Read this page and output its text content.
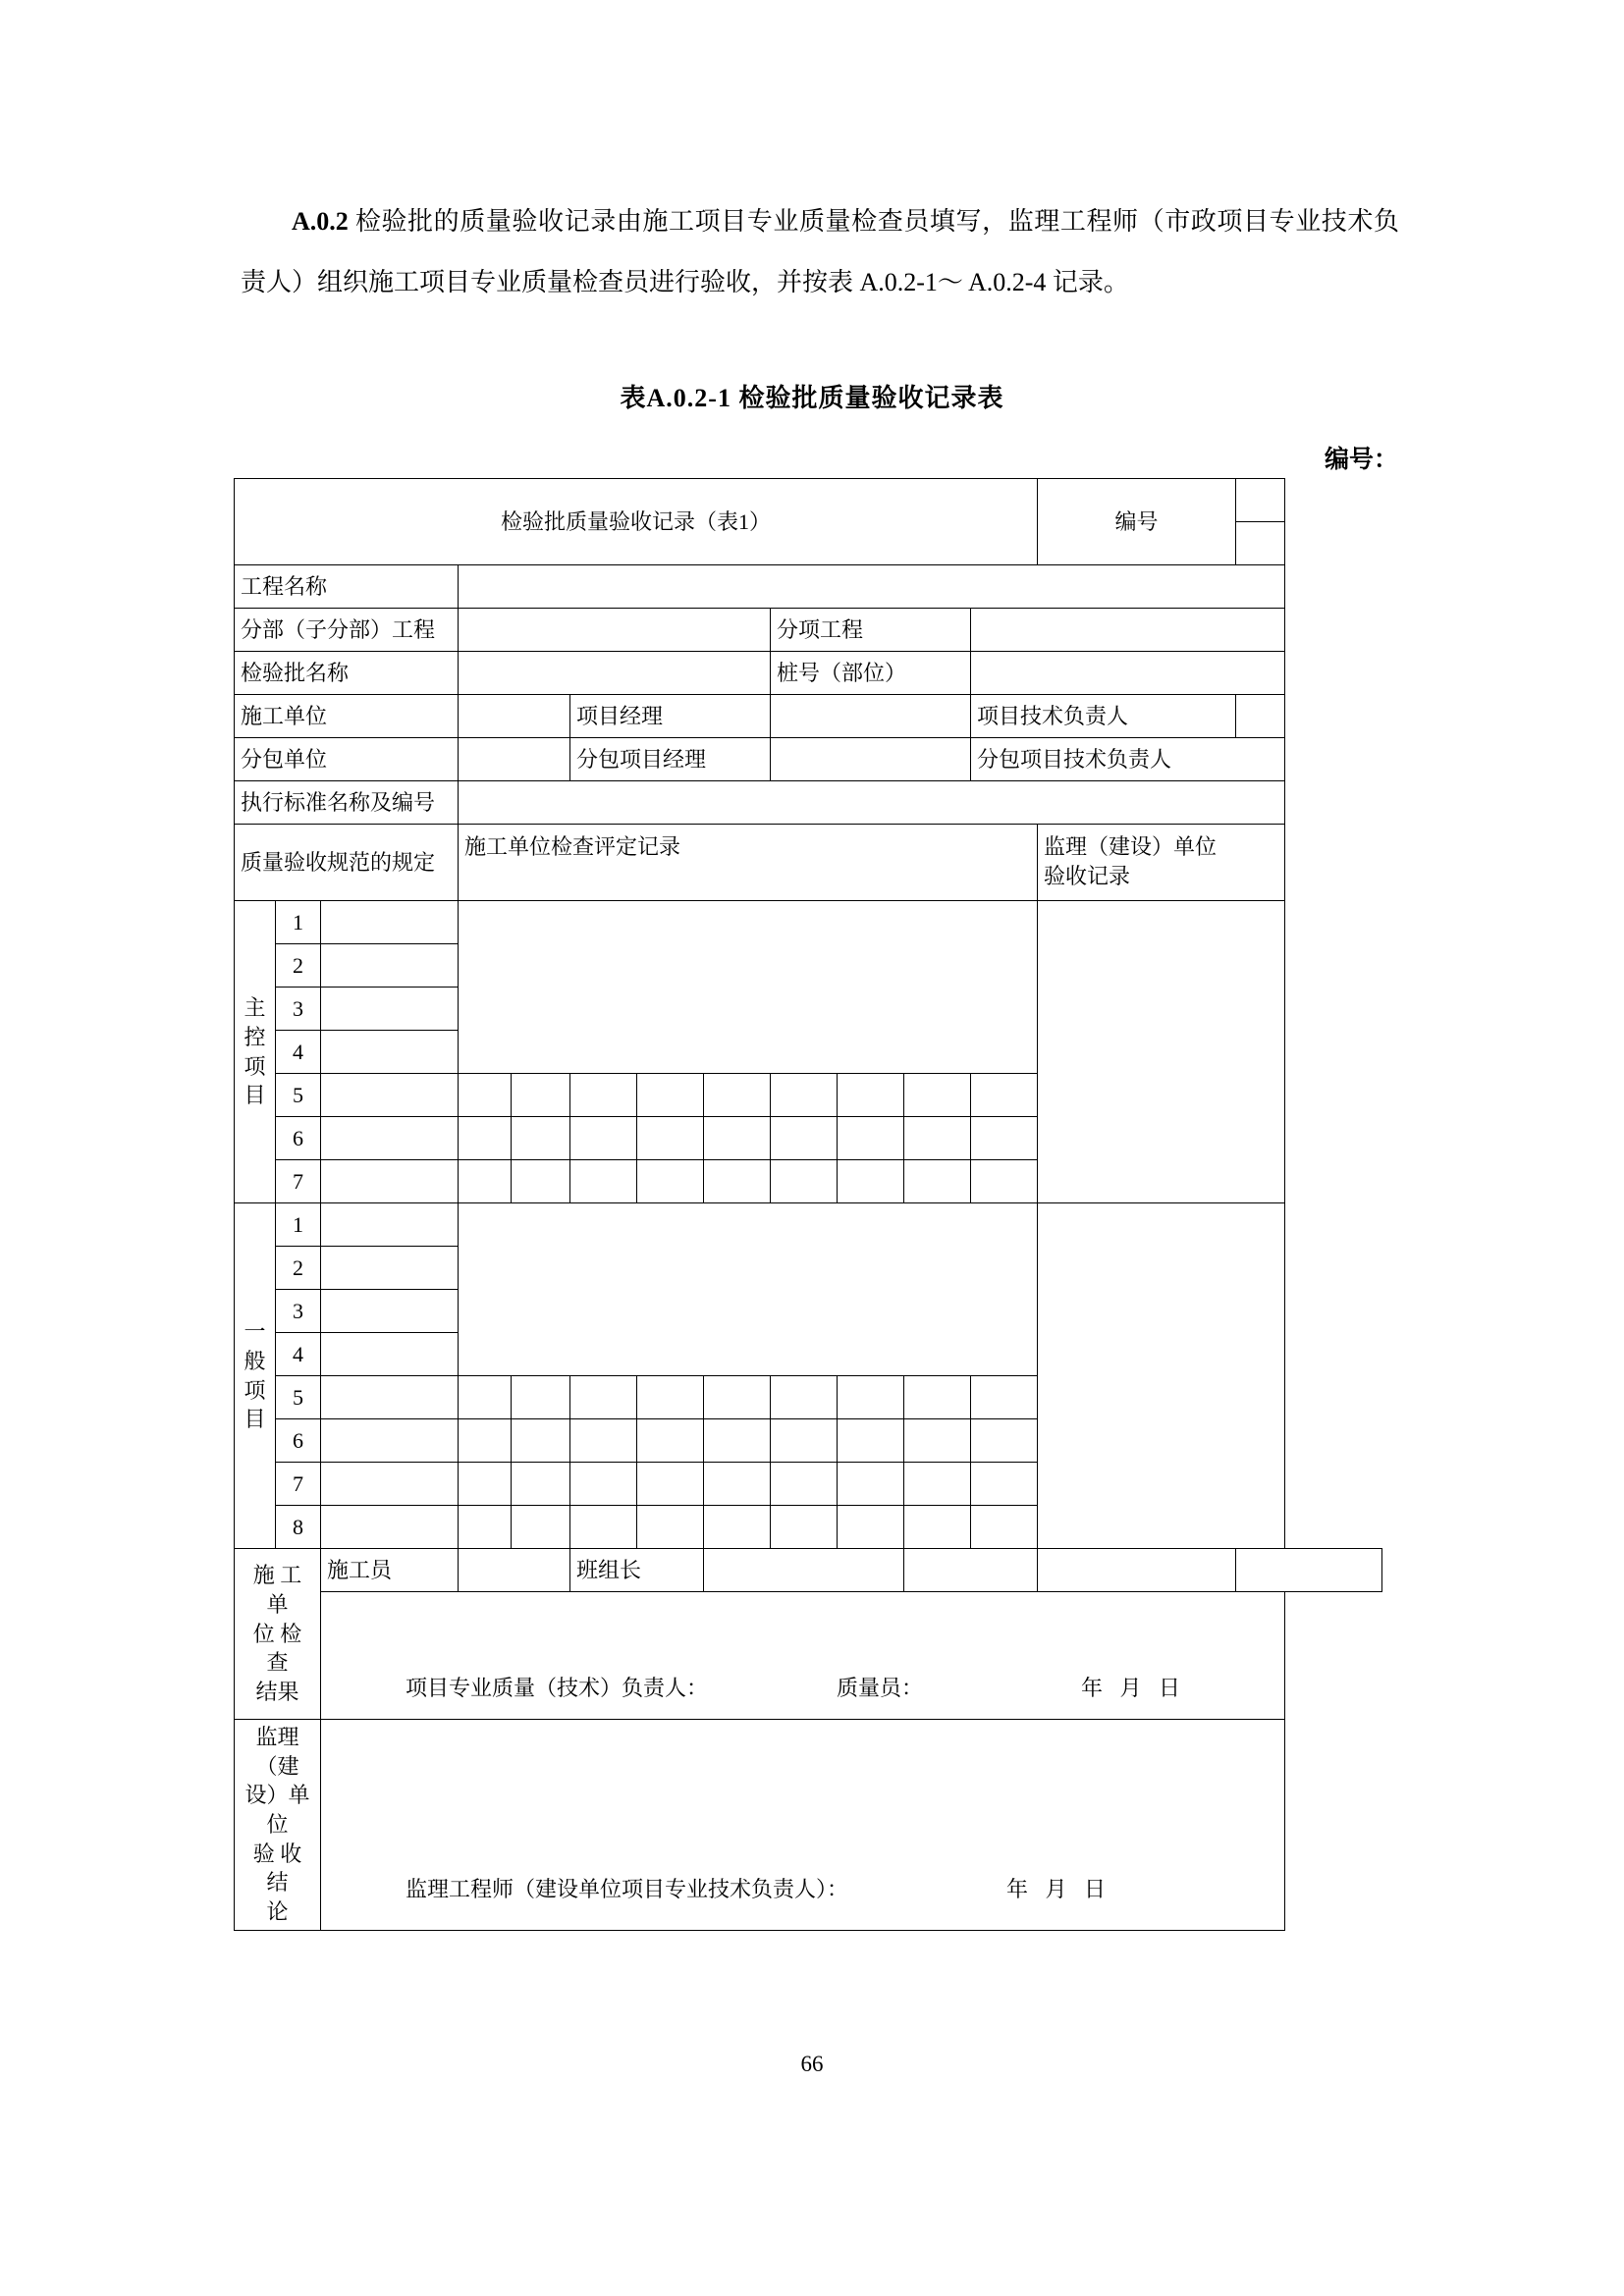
A.0.2 检验批的质量验收记录由施工项目专业质量检查员填写，监理工程师（市政项目专业技术负责人）组织施工项目专业质量检查员进行验收，并按表 A.0.2-1～ A.0.2-4 记录。
表A.0.2-1 检验批质量验收记录表
编号：
检验批质量验收记录（表1）												编号	

工程名称													
分部（子分部）工程								分项工程					
检验批名称								桩号（部位）					
施工单位					项目经理						项目技术负责人		
分包单位					分包项目经理						分包项目技术负责人		
执行标准名称及编号													
质量验收规范的规定			施工单位检查评定记录									监理（建设）单位
验收记录	

主
控
项
目	1												
	2												
	3												
	4												
	5												
	6												
	7												

一
般
项
目	1												
	2												
	3												
	4												
	5												
	6												
	7												
	8												

施 工 单
位 检 查
结果		施工员			班组长								
		项目专业质量（技术）负责人： 质量员： 年 月 日											

监理（建
设）单位
验 收 结
论		监理工程师（建设单位项目专业技术负责人）： 年 月 日											
66
